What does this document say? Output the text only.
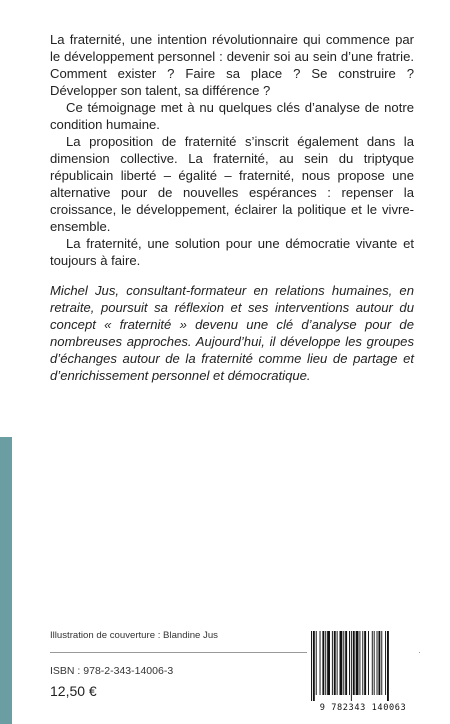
La fraternité, une intention révolutionnaire qui commence par le développement personnel : devenir soi au sein d’une fratrie. Comment exister ? Faire sa place ? Se construire ? Développer son talent, sa différence ?

Ce témoignage met à nu quelques clés d’analyse de notre condition humaine.

La proposition de fraternité s’inscrit également dans la dimension collective. La fraternité, au sein du triptyque républicain liberté – égalité – fraternité, nous propose une alternative pour de nouvelles espérances : repenser la croissance, le développement, éclairer la politique et le vivre-ensemble.

La fraternité, une solution pour une démocratie vivante et toujours à faire.

Michel Jus, consultant-formateur en relations humaines, en retraite, poursuit sa réflexion et ses interventions autour du concept « fraternité » devenu une clé d’analyse pour de nombreuses approches. Aujourd’hui, il développe les groupes d’échanges autour de la fraternité comme lieu de partage et d’enrichissement personnel et démocratique.
Illustration de couverture : Blandine Jus
ISBN : 978-2-343-14006-3
12,50 €
9 782343 140063
